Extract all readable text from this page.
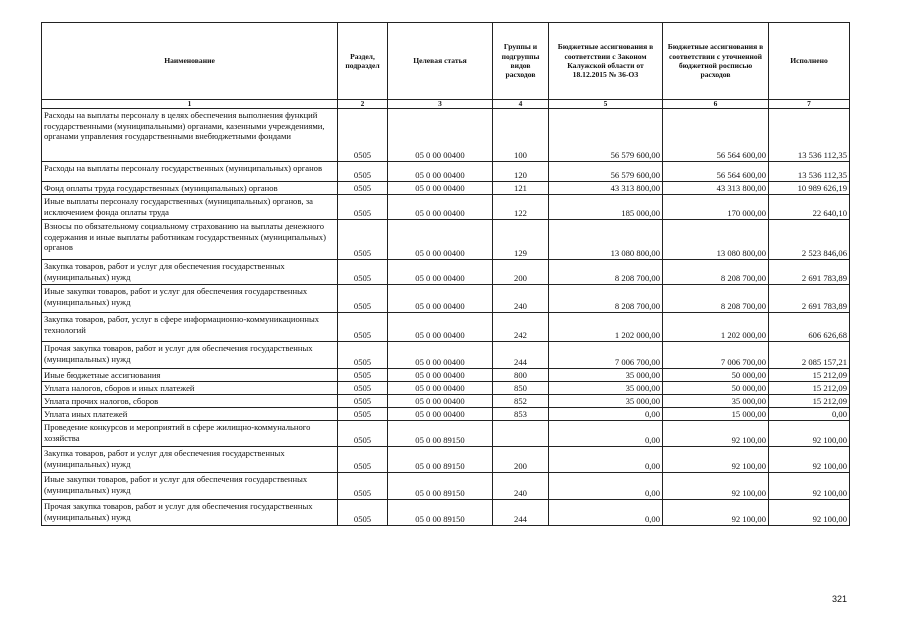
Наименование	Раздел, подраздел	Целевая статья	Группы и подгруппы видов расходов	Бюджетные ассигнования в соответствии с Законом Калужской области от 18.12.2015 № 36-ОЗ	Бюджетные ассигнования в соответствии с уточненной бюджетной росписью расходов	Исполнено
1	2	3	4	5	6	7
Расходы на выплаты персоналу в целях обеспечения выполнения функций государственными (муниципальными) органами, казенными учреждениями, органами управления государственными внебюджетными фондами	0505	05 0 00 00400	100	56 579 600,00	56 564 600,00	13 536 112,35
Расходы на выплаты персоналу государственных (муниципальных) органов	0505	05 0 00 00400	120	56 579 600,00	56 564 600,00	13 536 112,35
Фонд оплаты труда государственных (муниципальных) органов	0505	05 0 00 00400	121	43 313 800,00	43 313 800,00	10 989 626,19
Иные выплаты персоналу государственных (муниципальных) органов, за исключением фонда оплаты труда	0505	05 0 00 00400	122	185 000,00	170 000,00	22 640,10
Взносы по обязательному социальному страхованию на выплаты денежного содержания и иные выплаты работникам государственных (муниципальных) органов	0505	05 0 00 00400	129	13 080 800,00	13 080 800,00	2 523 846,06
Закупка товаров, работ и услуг для обеспечения государственных (муниципальных) нужд	0505	05 0 00 00400	200	8 208 700,00	8 208 700,00	2 691 783,89
Иные закупки товаров, работ и услуг для обеспечения государственных (муниципальных) нужд	0505	05 0 00 00400	240	8 208 700,00	8 208 700,00	2 691 783,89
Закупка товаров, работ, услуг в сфере информационно-коммуникационных технологий	0505	05 0 00 00400	242	1 202 000,00	1 202 000,00	606 626,68
Прочая закупка товаров, работ и услуг для обеспечения государственных (муниципальных) нужд	0505	05 0 00 00400	244	7 006 700,00	7 006 700,00	2 085 157,21
Иные бюджетные ассигнования	0505	05 0 00 00400	800	35 000,00	50 000,00	15 212,09
Уплата налогов, сборов и иных платежей	0505	05 0 00 00400	850	35 000,00	50 000,00	15 212,09
Уплата прочих налогов, сборов	0505	05 0 00 00400	852	35 000,00	35 000,00	15 212,09
Уплата иных платежей	0505	05 0 00 00400	853	0,00	15 000,00	0,00
Проведение конкурсов и мероприятий в сфере жилищно-коммунального хозяйства	0505	05 0 00 89150		0,00	92 100,00	92 100,00
Закупка товаров, работ и услуг для обеспечения государственных (муниципальных) нужд	0505	05 0 00 89150	200	0,00	92 100,00	92 100,00
Иные закупки товаров, работ и услуг для обеспечения государственных (муниципальных) нужд	0505	05 0 00 89150	240	0,00	92 100,00	92 100,00
Прочая закупка товаров, работ и услуг для обеспечения государственных (муниципальных) нужд	0505	05 0 00 89150	244	0,00	92 100,00	92 100,00
321
